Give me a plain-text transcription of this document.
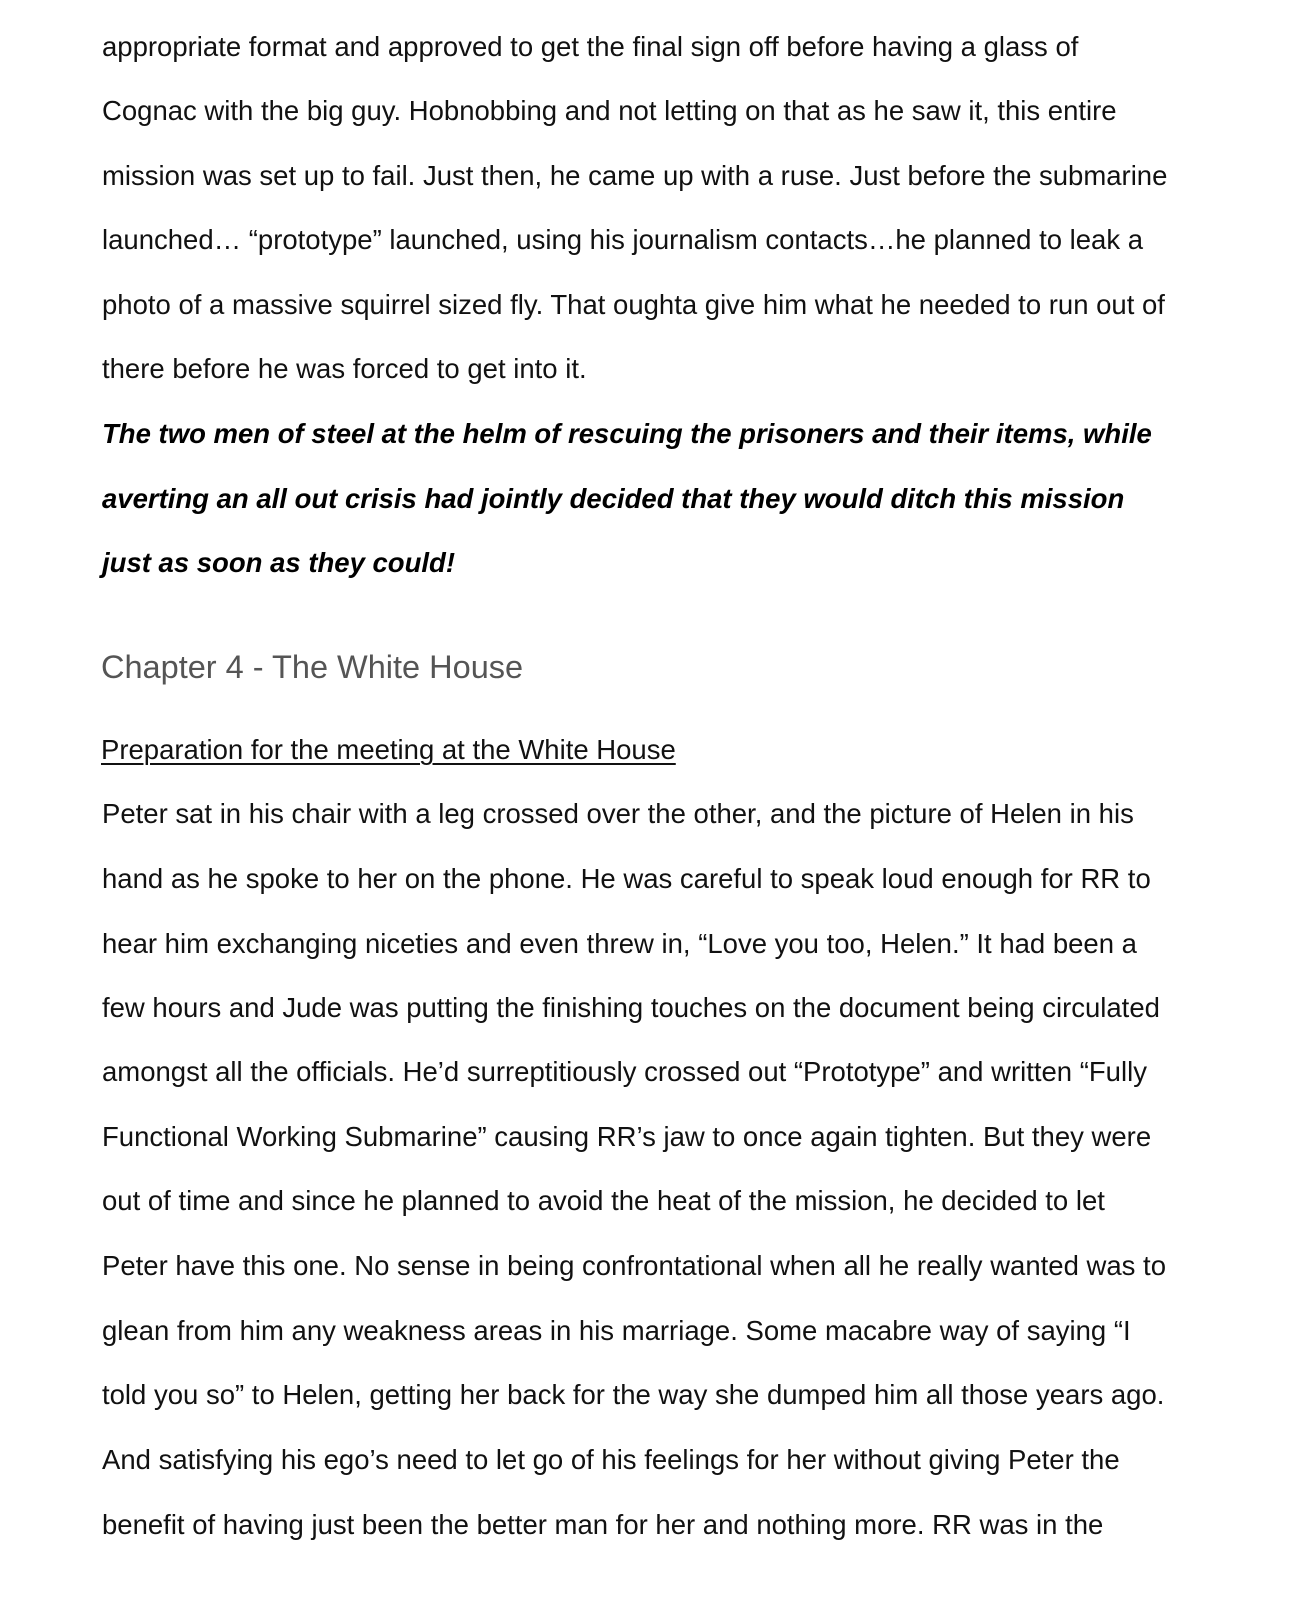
appropriate format and approved to get the final sign off before having a glass of
Cognac with the big guy. Hobnobbing and not letting on that as he saw it, this entire
mission was set up to fail. Just then, he came up with a ruse. Just before the submarine
launched… “prototype” launched, using his journalism contacts…he planned to leak a
photo of a massive squirrel sized fly. That oughta give him what he needed to run out of
there before he was forced to get into it.
The two men of steel at the helm of rescuing the prisoners and their items, while
averting an all out crisis had jointly decided that they would ditch this mission
just as soon as they could!
Chapter 4 - The White House
Preparation for the meeting at the White House
Peter sat in his chair with a leg crossed over the other, and the picture of Helen in his
hand as he spoke to her on the phone. He was careful to speak loud enough for RR to
hear him exchanging niceties and even threw in, “Love you too, Helen.” It had been a
few hours and Jude was putting the finishing touches on the document being circulated
amongst all the officials. He’d surreptitiously crossed out “Prototype” and written “Fully
Functional Working Submarine” causing RR’s jaw to once again tighten. But they were
out of time and since he planned to avoid the heat of the mission, he decided to let
Peter have this one. No sense in being confrontational when all he really wanted was to
glean from him any weakness areas in his marriage. Some macabre way of saying “I
told you so” to Helen, getting her back for the way she dumped him all those years ago.
And satisfying his ego’s need to let go of his feelings for her without giving Peter the
benefit of having just been the better man for her and nothing more. RR was in the
